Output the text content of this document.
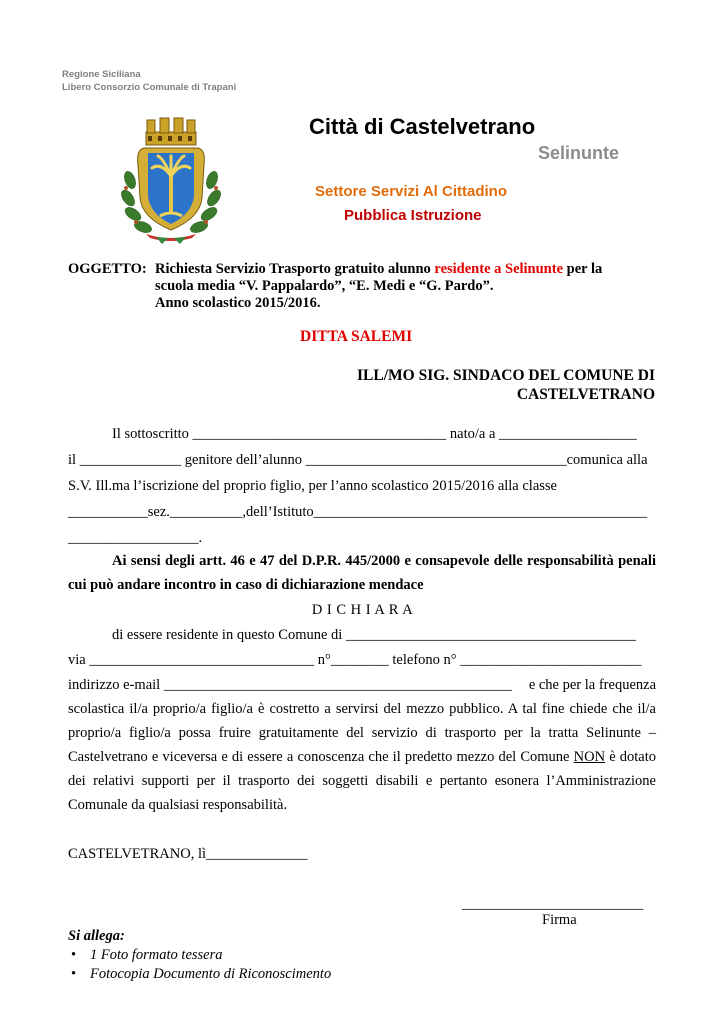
Regione Siciliana
Libero Consorzio Comunale di Trapani
Città di Castelvetrano
Selinunte
Settore Servizi Al Cittadino
Pubblica Istruzione
OGGETTO: Richiesta Servizio Trasporto gratuito alunno residente a Selinunte per la
scuola media “V. Pappalardo”, “E. Medi e “G. Pardo”.
Anno scolastico 2015/2016.
DITTA SALEMI
ILL/MO SIG. SINDACO DEL COMUNE DI
CASTELVETRANO
Il sottoscritto ___________________________________ nato/a a ___________________
il ______________ genitore dell’alunno ____________________________________comunica alla
S.V. Ill.ma l’iscrizione del proprio figlio, per l’anno scolastico 2015/2016 alla classe
___________sez.__________,dell’Istituto______________________________________________
__________________.
Ai sensi degli artt. 46 e 47 del D.P.R. 445/2000 e consapevole delle responsabilità penali cui può andare incontro in caso di dichiarazione mendace
D I C H I A R A
di essere residente in questo Comune di ________________________________________
via _______________________________ n°________ telefono n° _________________________
indirizzo e-mail ________________________________________________ e che per la frequenza
scolastica il/a proprio/a figlio/a è costretto a servirsi del mezzo pubblico. A tal fine chiede che il/a proprio/a figlio/a possa fruire gratuitamente del servizio di trasporto per la tratta Selinunte – Castelvetrano e viceversa e di essere a conoscenza che il predetto mezzo del Comune NON è dotato dei relativi supporti per il trasporto dei soggetti disabili e pertanto esonera l’Amministrazione Comunale da qualsiasi responsabilità.
CASTELVETRANO, lì______________
_________________________
Firma
Si allega:
• 1 Foto formato tessera
• Fotocopia Documento di Riconoscimento
